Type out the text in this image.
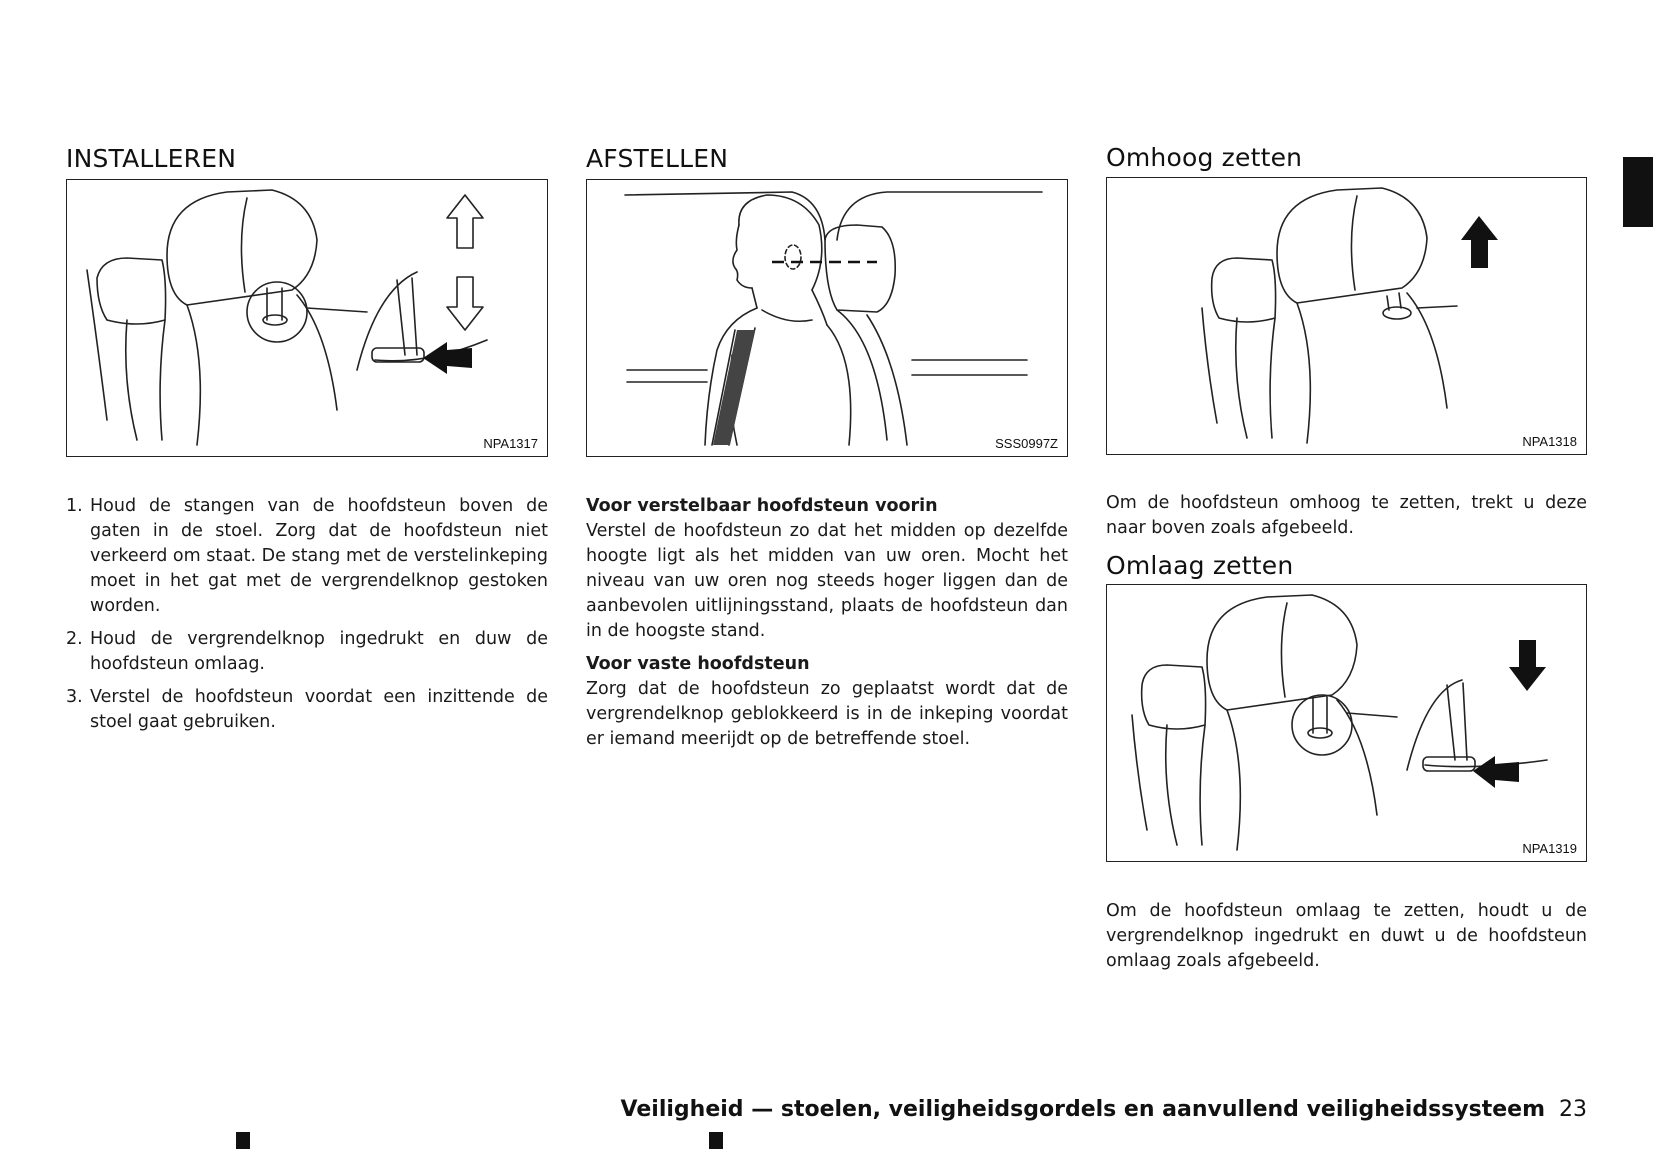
INSTALLEREN
NPA1317
1. Houd de stangen van de hoofdsteun boven de gaten in de stoel. Zorg dat de hoofdsteun niet verkeerd om staat. De stang met de verstelinkeping moet in het gat met de vergrendelknop gestoken worden.
2. Houd de vergrendelknop ingedrukt en duw de hoofdsteun omlaag.
3. Verstel de hoofdsteun voordat een inzittende de stoel gaat gebruiken.
AFSTELLEN
SSS0997Z

Voor verstelbaar hoofdsteun voorin

Verstel de hoofdsteun zo dat het midden op dezelfde hoogte ligt als het midden van uw oren. Mocht het niveau van uw oren nog steeds hoger liggen dan de aanbevolen uitlijningsstand, plaats de hoofdsteun dan in de hoogste stand.

Voor vaste hoofdsteun

Zorg dat de hoofdsteun zo geplaatst wordt dat de vergrendelknop geblokkeerd is in de inkeping voordat er iemand meerijdt op de betreffende stoel.

Omhoog zetten
NPA1318

Om de hoofdsteun omhoog te zetten, trekt u deze naar boven zoals afgebeeld.

Omlaag zetten
NPA1319

Om de hoofdsteun omlaag te zetten, houdt u de vergrendelknop ingedrukt en duwt u de hoofdsteun omlaag zoals afgebeeld.

Veiligheid — stoelen, veiligheidsgordels en aanvullend veiligheidssysteem 23
